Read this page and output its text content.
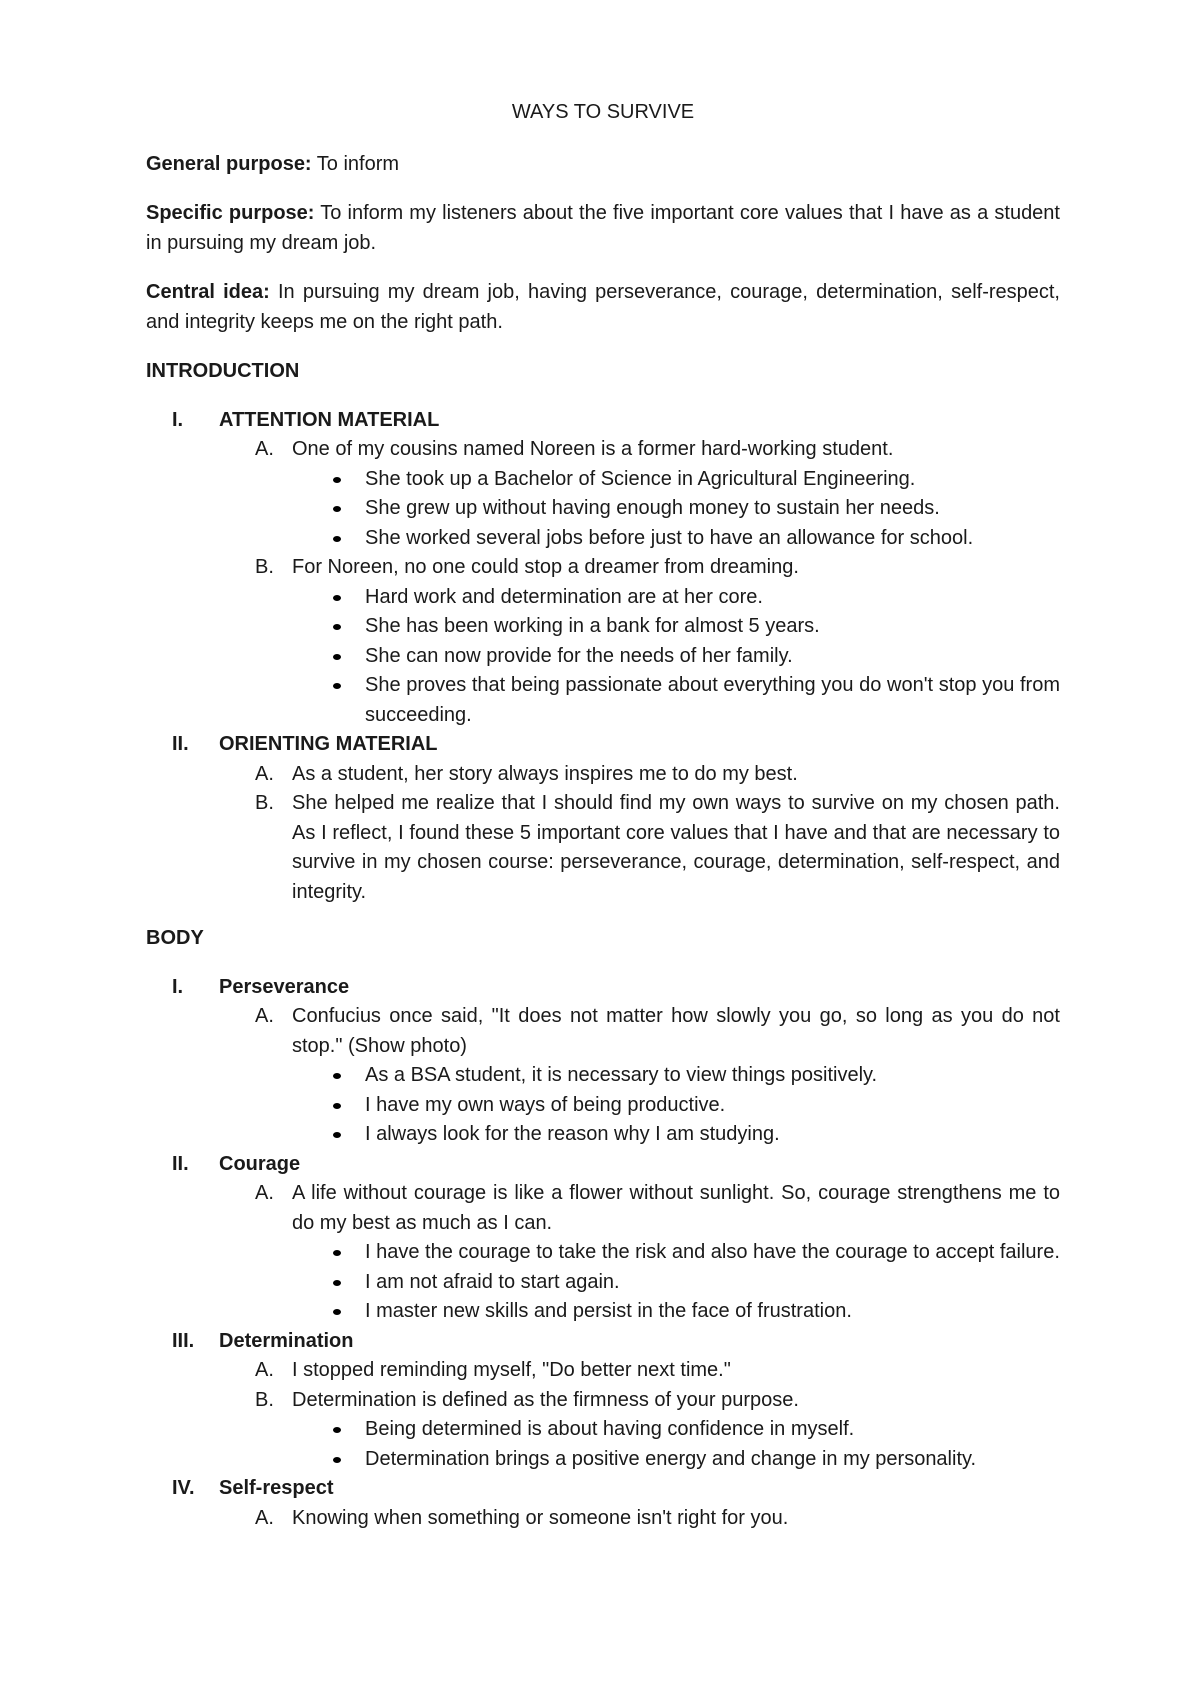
WAYS TO SURVIVE

General purpose: To inform

Specific purpose: To inform my listeners about the five important core values that I have as a student in pursuing my dream job.

Central idea: In pursuing my dream job, having perseverance, courage, determination, self-respect, and integrity keeps me on the right path.

INTRODUCTION
I. ATTENTION MATERIAL
A. One of my cousins named Noreen is a former hard-working student.
She took up a Bachelor of Science in Agricultural Engineering.
She grew up without having enough money to sustain her needs.
She worked several jobs before just to have an allowance for school.
B. For Noreen, no one could stop a dreamer from dreaming.
Hard work and determination are at her core.
She has been working in a bank for almost 5 years.
She can now provide for the needs of her family.
She proves that being passionate about everything you do won't stop you from succeeding.
II. ORIENTING MATERIAL
A. As a student, her story always inspires me to do my best.
B. She helped me realize that I should find my own ways to survive on my chosen path. As I reflect, I found these 5 important core values that I have and that are necessary to survive in my chosen course: perseverance, courage, determination, self-respect, and integrity.
BODY
I. Perseverance
A. Confucius once said, "It does not matter how slowly you go, so long as you do not stop." (Show photo)
As a BSA student, it is necessary to view things positively.
I have my own ways of being productive.
I always look for the reason why I am studying.
II. Courage
A. A life without courage is like a flower without sunlight. So, courage strengthens me to do my best as much as I can.
I have the courage to take the risk and also have the courage to accept failure.
I am not afraid to start again.
I master new skills and persist in the face of frustration.
III. Determination
A. I stopped reminding myself, "Do better next time."
B. Determination is defined as the firmness of your purpose.
Being determined is about having confidence in myself.
Determination brings a positive energy and change in my personality.
IV. Self-respect
A. Knowing when something or someone isn't right for you.
